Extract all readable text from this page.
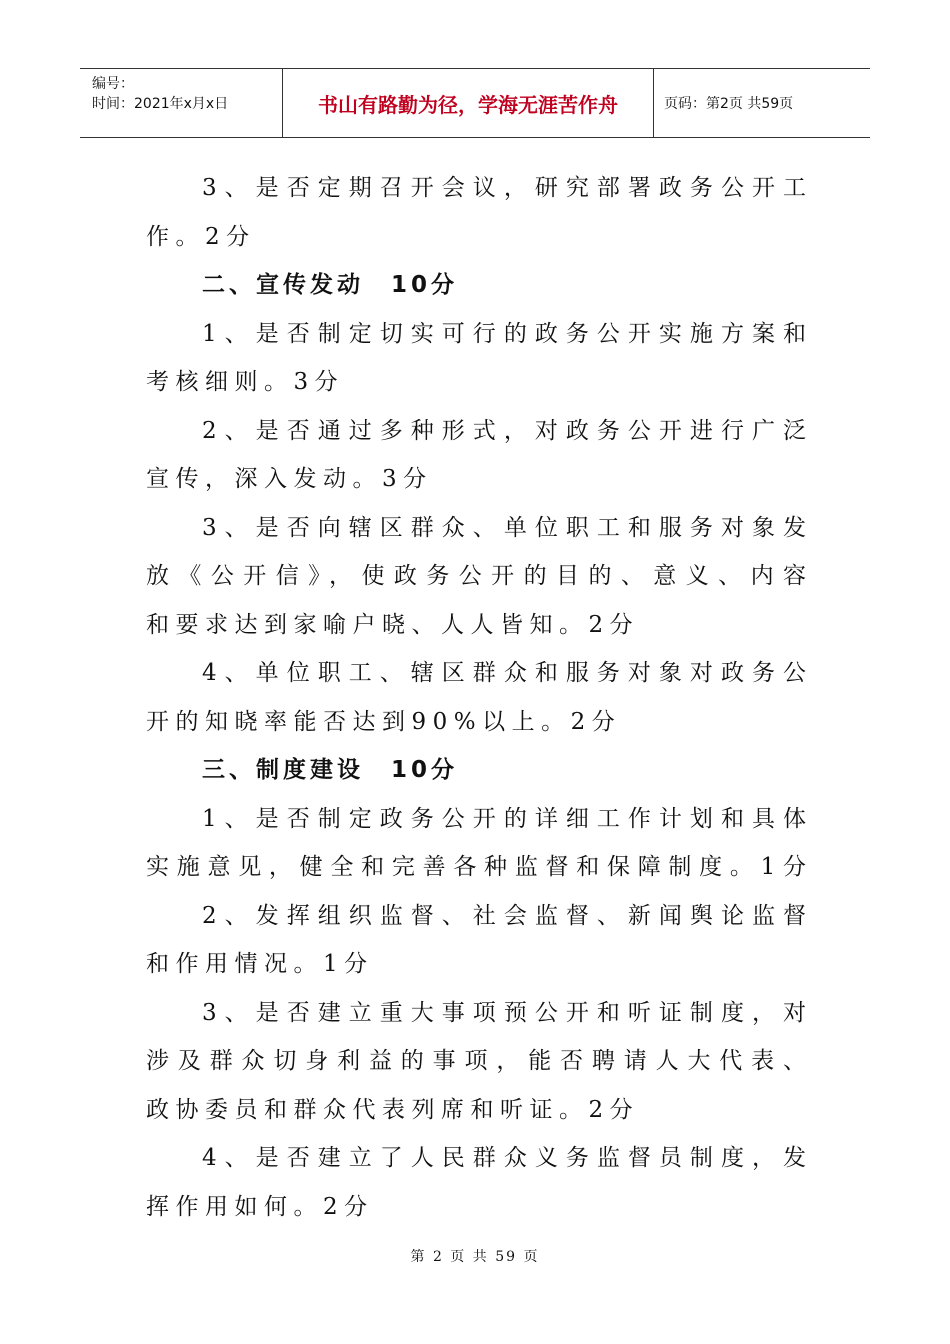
编号：
时间：2021年x月x日	书山有路勤为径，学海无涯苦作舟	页码：第2页 共59页
3、是否定期召开会议，研究部署政务公开工
作。2分
二、宣传发动　10分
1、是否制定切实可行的政务公开实施方案和
考核细则。3分
2、是否通过多种形式，对政务公开进行广泛
宣传，深入发动。3分
3、是否向辖区群众、单位职工和服务对象发
放《公开信》，使政务公开的目的、意义、内容
和要求达到家喻户晓、人人皆知。2分
4、单位职工、辖区群众和服务对象对政务公
开的知晓率能否达到90%以上。2分
三、制度建设　10分
1、是否制定政务公开的详细工作计划和具体
实施意见，健全和完善各种监督和保障制度。1分
2、发挥组织监督、社会监督、新闻舆论监督
和作用情况。1分
3、是否建立重大事项预公开和听证制度，对
涉及群众切身利益的事项，能否聘请人大代表、
政协委员和群众代表列席和听证。2分
4、是否建立了人民群众义务监督员制度，发
挥作用如何。2分
第 2 页 共 59 页
